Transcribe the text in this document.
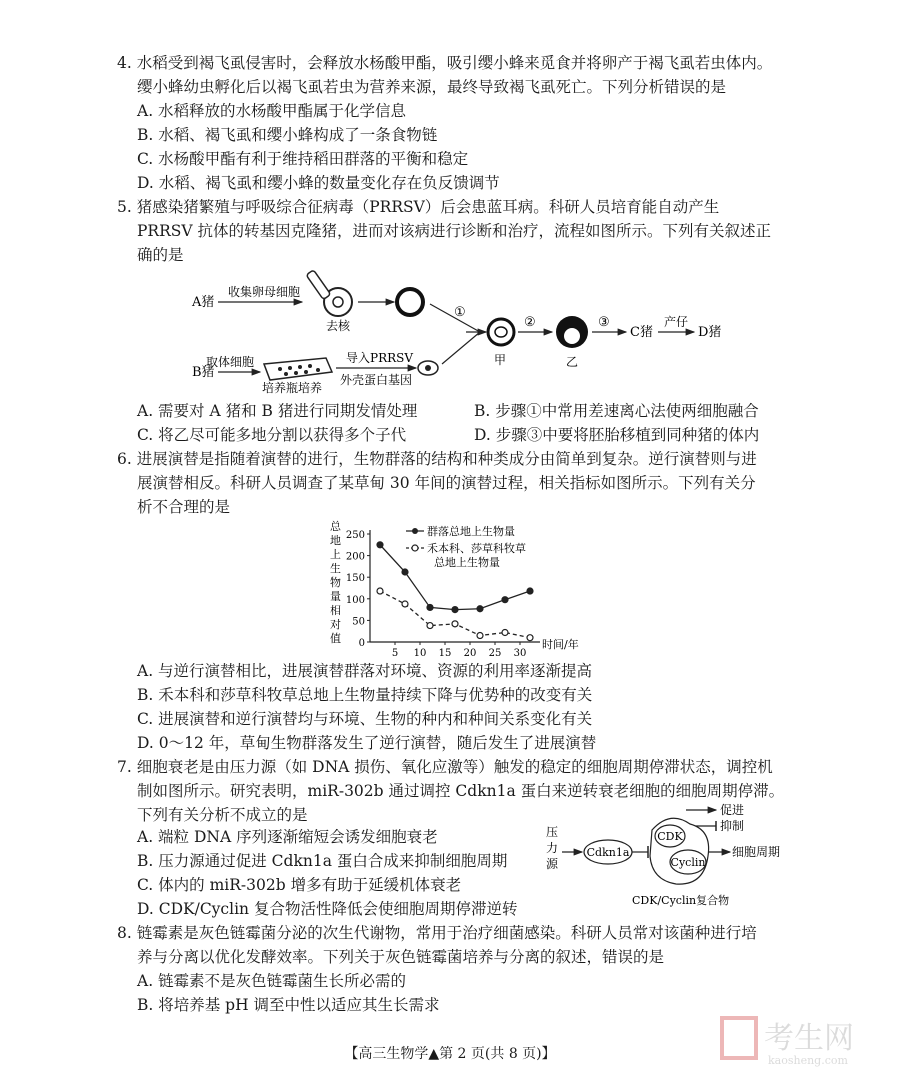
4. 水稻受到褐飞虱侵害时，会释放水杨酸甲酯，吸引缨小蜂来觅食并将卵产于褐飞虱若虫体内。
缨小蜂幼虫孵化后以褐飞虱若虫为营养来源，最终导致褐飞虱死亡。下列分析错误的是
A. 水稻释放的水杨酸甲酯属于化学信息
B. 水稻、褐飞虱和缨小蜂构成了一条食物链
C. 水杨酸甲酯有利于维持稻田群落的平衡和稳定
D. 水稻、褐飞虱和缨小蜂的数量变化存在负反馈调节
5. 猪感染猪繁殖与呼吸综合征病毒（PRRSV）后会患蓝耳病。科研人员培育能自动产生
PRRSV 抗体的转基因克隆猪，进而对该病进行诊断和治疗，流程如图所示。下列有关叙述正
确的是
A猪
收集卵母细胞
去核
B猪
取体细胞
培养瓶培养
导入PRRSV
外壳蛋白基因
①
甲
②
乙
③
C猪
产仔
D猪
A. 需要对 A 猪和 B 猪进行同期发情处理	B. 步骤①中常用差速离心法使两细胞融合
C. 将乙尽可能多地分割以获得多个子代	D. 步骤③中要将胚胎移植到同种猪的体内
6. 进展演替是指随着演替的进行，生物群落的结构和种类成分由简单到复杂。逆行演替则与进
展演替相反。科研人员调查了某草甸 30 年间的演替过程，相关指标如图所示。下列有关分
析不合理的是
总
地
上
生
物
量
相
对
值 0
50
100
150
200
250
5 10 15 20 25 30
时间/年
群落总地上生物量
禾本科、莎草科牧草
总地上生物量
A. 与逆行演替相比，进展演替群落对环境、资源的利用率逐渐提高
B. 禾本科和莎草科牧草总地上生物量持续下降与优势种的改变有关
C. 进展演替和逆行演替均与环境、生物的种内和种间关系变化有关
D. 0～12 年，草甸生物群落发生了逆行演替，随后发生了进展演替
7. 细胞衰老是由压力源（如 DNA 损伤、氧化应激等）触发的稳定的细胞周期停滞状态，调控机
制如图所示。研究表明，miR-302b 通过调控 Cdkn1a 蛋白来逆转衰老细胞的细胞周期停滞。
下列有关分析不成立的是
A. 端粒 DNA 序列逐渐缩短会诱发细胞衰老
B. 压力源通过促进 Cdkn1a 蛋白合成来抑制细胞周期
C. 体内的 miR-302b 增多有助于延缓机体衰老
D. CDK/Cyclin 复合物活性降低会使细胞周期停滞逆转
促进
抑制
压
力
源
Cdkn1a
CDK
Cyclin
细胞周期
CDK/Cyclin复合物
8. 链霉素是灰色链霉菌分泌的次生代谢物，常用于治疗细菌感染。科研人员常对该菌种进行培
养与分离以优化发酵效率。下列关于灰色链霉菌培养与分离的叙述，错误的是
A. 链霉素不是灰色链霉菌生长所必需的
B. 将培养基 pH 调至中性以适应其生长需求
【高三生物学▲第 2 页(共 8 页)】	考生网
kaosheng.com
